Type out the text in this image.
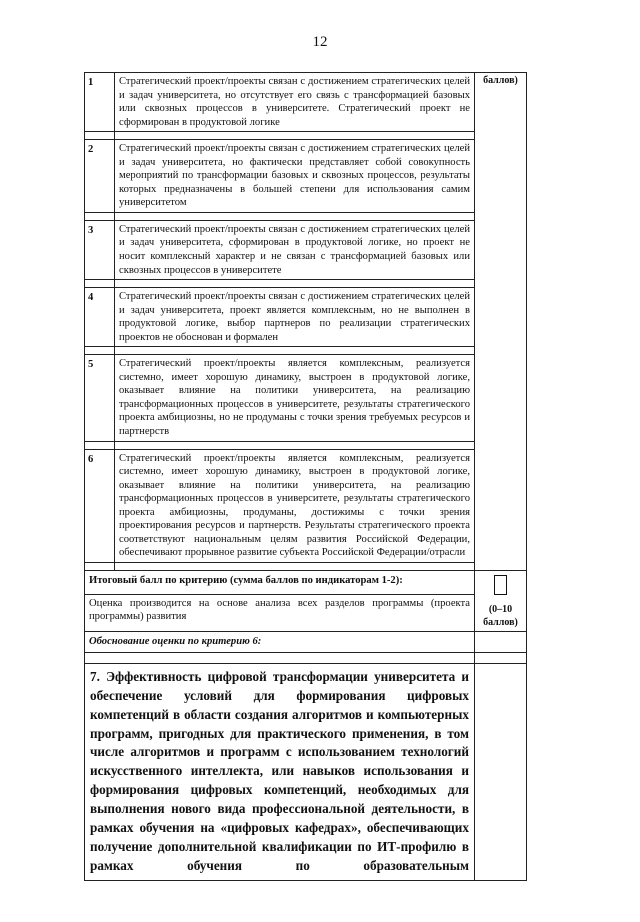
12
1	Стратегический проект/проекты связан с достижением стратегических целей и задач университета, но отсутствует его связь с трансформацией базовых или сквозных процессов в университете. Стратегический проект не сформирован в продуктовой логике	баллов)

2	Стратегический проект/проекты связан с достижением стратегических целей и задач университета, но фактически представляет собой совокупность мероприятий по трансформации базовых и сквозных процессов, результаты которых предназначены в большей степени для использования самим университетом	

3	Стратегический проект/проекты связан с достижением стратегических целей и задач университета, сформирован в продуктовой логике, но проект не носит комплексный характер и не связан с трансформацией базовых или сквозных процессов в университете	

4	Стратегический проект/проекты связан с достижением стратегических целей и задач университета, проект является комплексным, но не выполнен в продуктовой логике, выбор партнеров по реализации стратегических проектов не обоснован и формален	

5	Стратегический проект/проекты является комплексным, реализуется системно, имеет хорошую динамику, выстроен в продуктовой логике, оказывает влияние на политики университета, на реализацию трансформационных процессов в университете, результаты стратегического проекта амбициозны, но не продуманы с точки зрения требуемых ресурсов и партнерств	

6	Стратегический проект/проекты является комплексным, реализуется системно, имеет хорошую динамику, выстроен в продуктовой логике, оказывает влияние на политики университета, на реализацию трансформационных процессов в университете, результаты стратегического проекта амбициозны, продуманы, достижимы с точки зрения проектирования ресурсов и партнерств. Результаты стратегического проекта соответствуют национальным целям развития Российской Федерации, обеспечивают прорывное развитие субъекта Российской Федерации/отрасли	

Итоговый балл по критерию (сумма баллов по индикаторам 1-2):		(0–10 баллов)

Оценка производится на основе анализа всех разделов программы (проекта программы) развития		
Обоснование оценки по критерию 6:		

7. Эффективность цифровой трансформации университета и обеспечение условий для формирования цифровых компетенций в области создания алгоритмов и компьютерных программ, пригодных для практического применения, в том числе алгоритмов и программ с использованием технологий искусственного интеллекта, или навыков использования и формирования цифровых компетенций, необходимых для выполнения нового вида профессиональной деятельности, в рамках обучения на «цифровых кафедрах», обеспечивающих получение дополнительной квалификации по ИТ-профилю в рамках обучения по образовательным		
